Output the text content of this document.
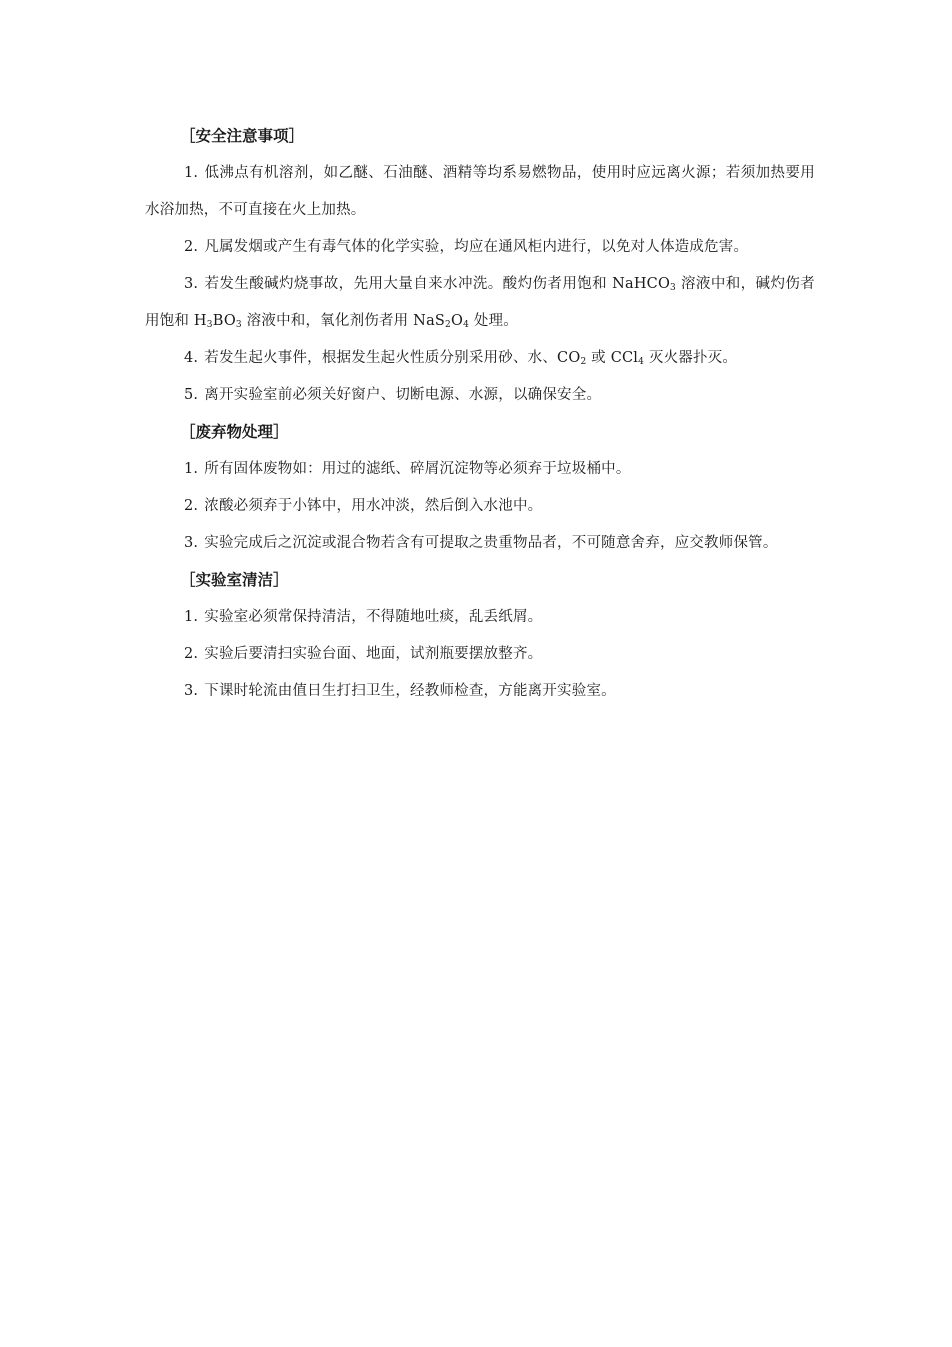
［安全注意事项］
1. 低沸点有机溶剂，如乙醚、石油醚、酒精等均系易燃物品，使用时应远离火源；若须加热要用水浴加热，不可直接在火上加热。
2. 凡属发烟或产生有毒气体的化学实验，均应在通风柜内进行，以免对人体造成危害。
3. 若发生酸碱灼烧事故，先用大量自来水冲洗。酸灼伤者用饱和 NaHCO$_3$ 溶液中和，碱灼伤者用饱和 $H_3BO_3$ 溶液中和，氧化剂伤者用 $NaS_2O_4$ 处理。
4. 若发生起火事件，根据发生起火性质分别采用砂、水、$CO_2$ 或 CCl$_4$ 灭火器扑灭。
5. 离开实验室前必须关好窗户、切断电源、水源，以确保安全。
［废弃物处理］
1. 所有固体废物如：用过的滤纸、碎屑沉淀物等必须弃于垃圾桶中。
2. 浓酸必须弃于小钵中，用水冲淡，然后倒入水池中。
3. 实验完成后之沉淀或混合物若含有可提取之贵重物品者，不可随意舍弃，应交教师保管。
［实验室清洁］
1. 实验室必须常保持清洁，不得随地吐痰，乱丢纸屑。
2. 实验后要清扫实验台面、地面，试剂瓶要摆放整齐。
3. 下课时轮流由值日生打扫卫生，经教师检查，方能离开实验室。
